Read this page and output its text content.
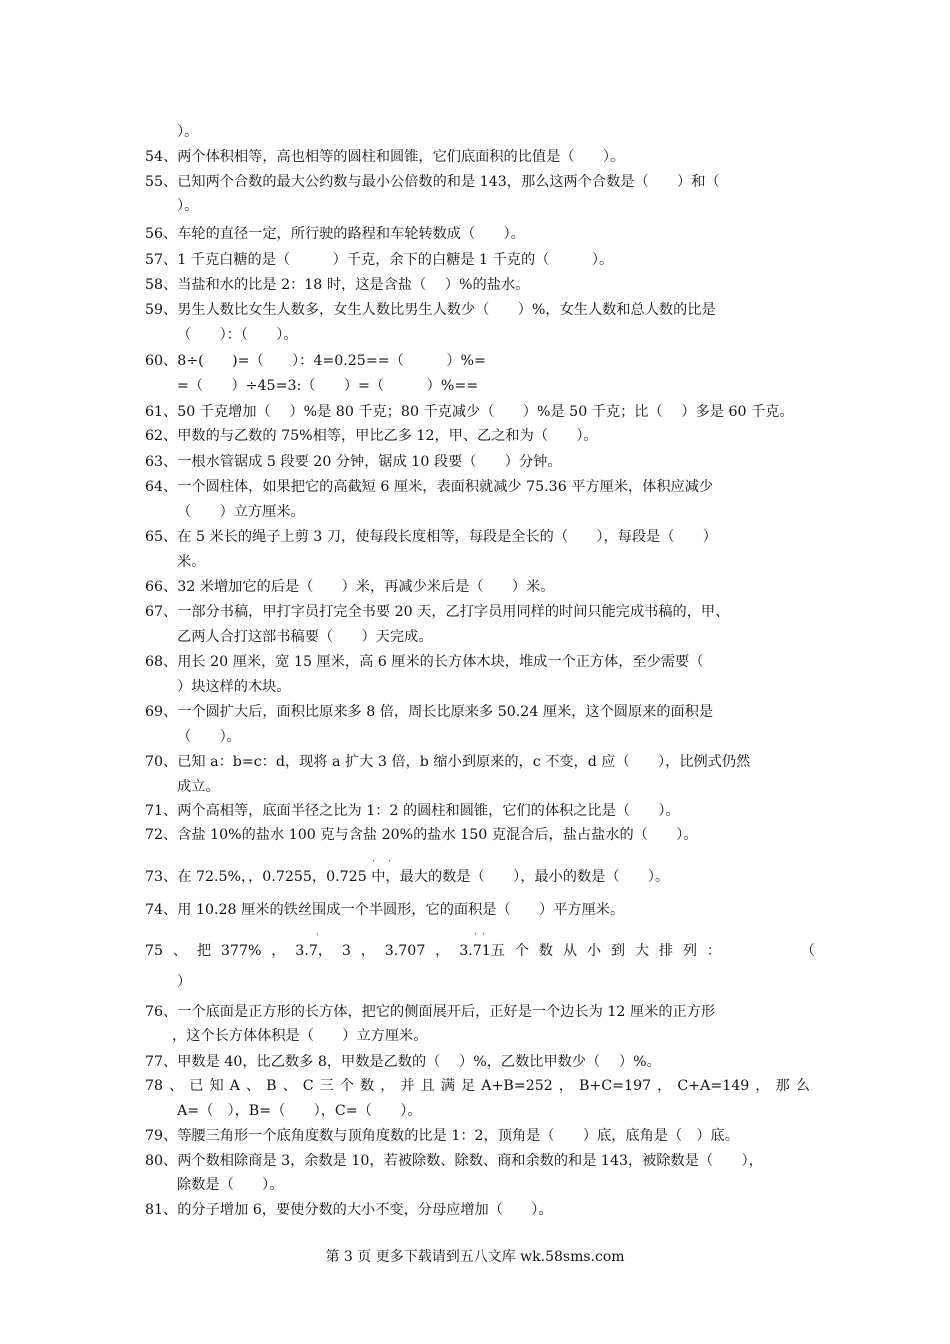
）。
54、两个体积相等，高也相等的圆柱和圆锥，它们底面积的比值是（　　）。
55、已知两个合数的最大公约数与最小公倍数的和是 143，那么这两个合数是（　　）和（
）。
56、车轮的直径一定，所行驶的路程和车轮转数成（　　）。
57、1 千克白糖的是（　　　）千克，余下的白糖是 1 千克的（　　　）。
58、当盐和水的比是 2：18 时，这是含盐（　 ）%的盐水。
59、男生人数比女生人数多，女生人数比男生人数少（　　）%，女生人数和总人数的比是
（　　）：（　　）。
60、8÷(　　)=（　　）：4=0.25==（　　　）%=
=（　　）÷45=3:（　　）=（　　　）%==
61、50 千克增加（　 ）%是 80 千克；80 千克减少（　　）%是 50 千克；比（　 ）多是 60 千克。
62、甲数的与乙数的 75%相等，甲比乙多 12，甲、乙之和为（　　）。
63、一根水管锯成 5 段要 20 分钟，锯成 10 段要（　　）分钟。
64、一个圆柱体，如果把它的高截短 6 厘米，表面积就减少 75.36 平方厘米，体积应减少
（　　）立方厘米。
65、在 5 米长的绳子上剪 3 刀，使每段长度相等，每段是全长的（　　），每段是（　　）
米。
66、32 米增加它的后是（　　）米，再减少米后是（　　）米。
67、一部分书稿，甲打字员打完全书要 20 天，乙打字员用同样的时间只能完成书稿的，甲、
乙两人合打这部书稿要（　　）天完成。
68、用长 20 厘米，宽 15 厘米，高 6 厘米的长方体木块，堆成一个正方体，至少需要（
）块这样的木块。
69、一个圆扩大后，面积比原来多 8 倍，周长比原来多 50.24 厘米，这个圆原来的面积是
（　　）。
70、已知 a：b=c：d，现将 a 扩大 3 倍，b 缩小到原来的，c 不变，d 应（　　），比例式仍然
成立。
71、两个高相等，底面半径之比为 1：2 的圆柱和圆锥，它们的体积之比是（　　）。
72、含盐 10%的盐水 100 克与含盐 20%的盐水 150 克混合后，盐占盐水的（　　）。
· ·
73、在 72.5%，，0.7255，0.725 中，最大的数是（　　），最小的数是（　　）。
74、用 10.28 厘米的铁丝围成一个半圆形，它的面积是（　　）平方厘米。
·	· ·
75 、 把 377% ， 3.7， 3 ， 3.707 ， 3.71五 个 数 从 小 到 大 排 列 ：	（
）
76、一个底面是正方形的长方体，把它的侧面展开后，正好是一个边长为 12 厘米的正方形
，这个长方体体积是（　　）立方厘米。
77、甲数是 40，比乙数多 8，甲数是乙数的（　 ）%，乙数比甲数少（　 ）%。
78 、 已 知 A 、 B 、 C 三 个 数 ， 并 且 满 足 A+B=252 ， B+C=197 ， C+A=149 ， 那 么
A=（　），B=（　　），C=（　　）。
79、等腰三角形一个底角度数与顶角度数的比是 1：2，顶角是（　　）底，底角是（　）底。
80、两个数相除商是 3，余数是 10，若被除数、除数、商和余数的和是 143，被除数是（　　），
除数是（　　）。
81、的分子增加 6，要使分数的大小不变，分母应增加（　　）。
第 3 页 更多下载请到五八文库 wk.58sms.com
